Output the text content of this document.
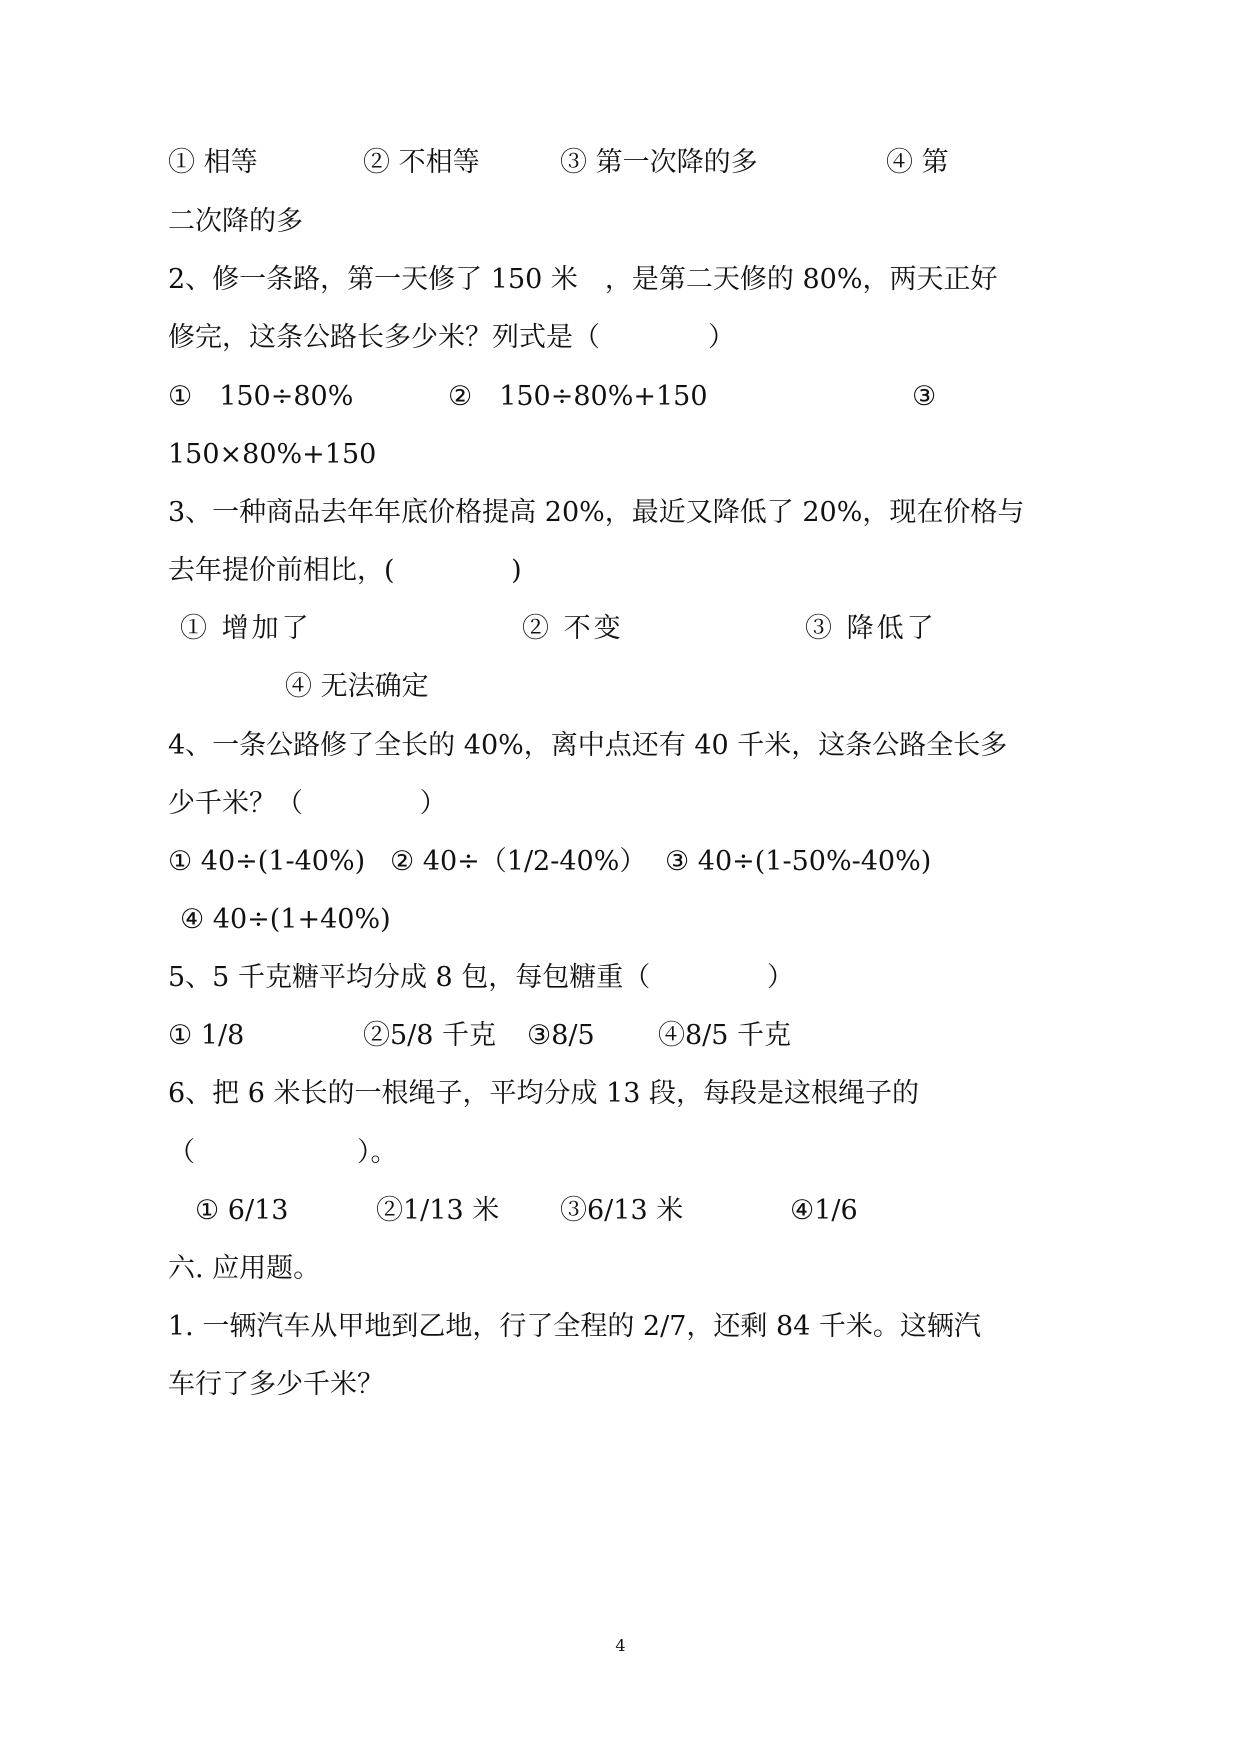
① 相等	② 不相等	③ 第一次降的多	④ 第
二次降的多
2、修一条路，第一天修了 150 米　，是第二天修的 80%，两天正好
修完，这条公路长多少米？列式是（　　　　）
①　150÷80%	②　150÷80%+150	③
150×80%+150
3、一种商品去年年底价格提高 20%，最近又降低了 20%，现在价格与
去年提价前相比，(　　　　 )
① 增加了	② 不变	③ 降低了
④ 无法确定
4、一条公路修了全长的 40%，离中点还有 40 千米，这条公路全长多
少千米？（　　　　 ）
① 40÷(1-40%) ② 40÷（1/2-40%） ③ 40÷(1-50%-40%)
④ 40÷(1+40%)
5、5 千克糖平均分成 8 包，每包糖重（　　　　 ）
① 1/8	②5/8 千克 ③8/5 ④8/5 千克
6、把 6 米长的一根绳子，平均分成 13 段，每段是这根绳子的
（　　　　　　）。
① 6/13	②1/13 米 ③6/13 米	④1/6
六. 应用题。
1. 一辆汽车从甲地到乙地，行了全程的 2/7，还剩 84 千米。这辆汽
车行了多少千米？
4
